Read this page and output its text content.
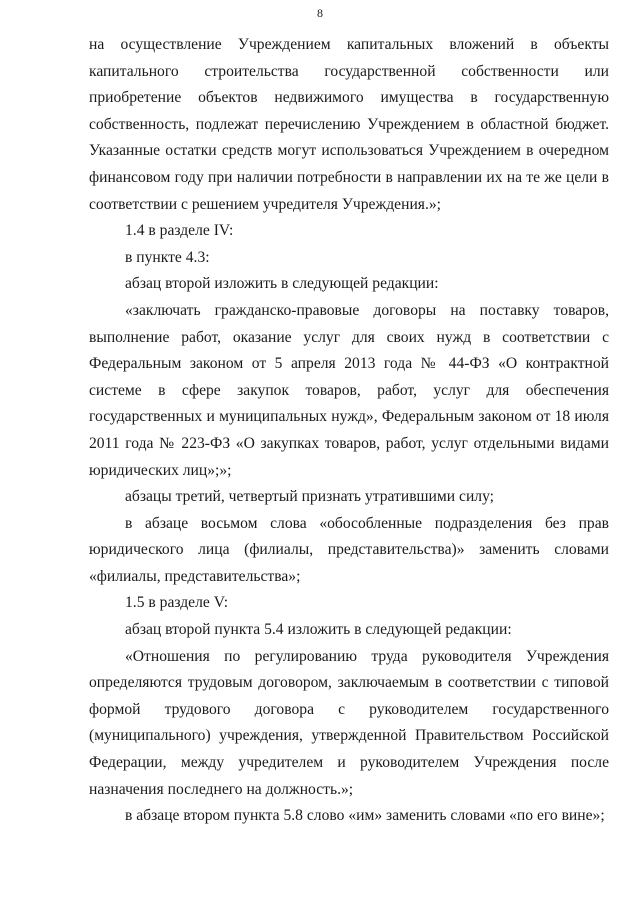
8

на осуществление Учреждением капитальных вложений в объекты капитального строительства государственной собственности или приобретение объектов недвижимого имущества в государственную собственность, подлежат перечислению Учреждением в областной бюджет. Указанные остатки средств могут использоваться Учреждением в очередном финансовом году при наличии потребности в направлении их на те же цели в соответствии с решением учредителя Учреждения.»;

1.4 в разделе IV:

в пункте 4.3:

абзац второй изложить в следующей редакции:

«заключать гражданско-правовые договоры на поставку товаров, выполнение работ, оказание услуг для своих нужд в соответствии с Федеральным законом от 5 апреля 2013 года № 44-ФЗ «О контрактной системе в сфере закупок товаров, работ, услуг для обеспечения государственных и муниципальных нужд», Федеральным законом от 18 июля 2011 года № 223-ФЗ «О закупках товаров, работ, услуг отдельными видами юридических лиц»;»;

абзацы третий, четвертый признать утратившими силу;

в абзаце восьмом слова «обособленные подразделения без прав юридического лица (филиалы, представительства)» заменить словами «филиалы, представительства»;

1.5 в разделе V:

абзац второй пункта 5.4 изложить в следующей редакции:

«Отношения по регулированию труда руководителя Учреждения определяются трудовым договором, заключаемым в соответствии с типовой формой трудового договора с руководителем государственного (муниципального) учреждения, утвержденной Правительством Российской Федерации, между учредителем и руководителем Учреждения после назначения последнего на должность.»;

в абзаце втором пункта 5.8 слово «им» заменить словами «по его вине»;
